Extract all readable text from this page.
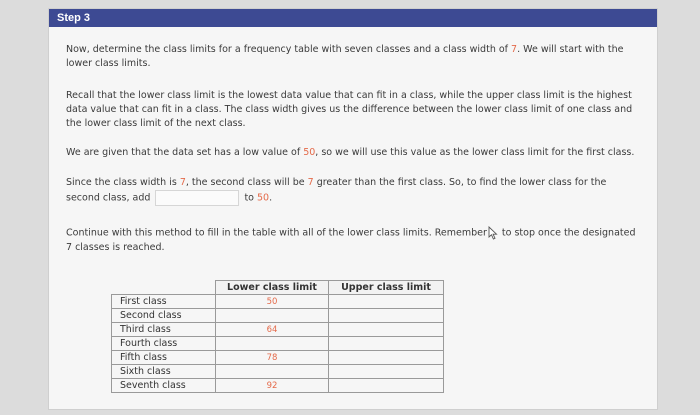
Step 3

Now, determine the class limits for a frequency table with seven classes and a class width of 7. We will start with the lower class limits.

Recall that the lower class limit is the lowest data value that can fit in a class, while the upper class limit is the highest data value that can fit in a class. The class width gives us the difference between the lower class limit of one class and the lower class limit of the next class.

We are given that the data set has a low value of 50, so we will use this value as the lower class limit for the first class.

Since the class width is 7, the second class will be 7 greater than the first class. So, to find the lower class for the second class, add	to 50.

Continue with this method to fill in the table with all of the lower class limits. Remember to stop once the designated 7 classes is reached.

	Lower class limit	Upper class limit
First class	50	
Second class		
Third class	64	
Fourth class		
Fifth class	78	
Sixth class		
Seventh class	92	
